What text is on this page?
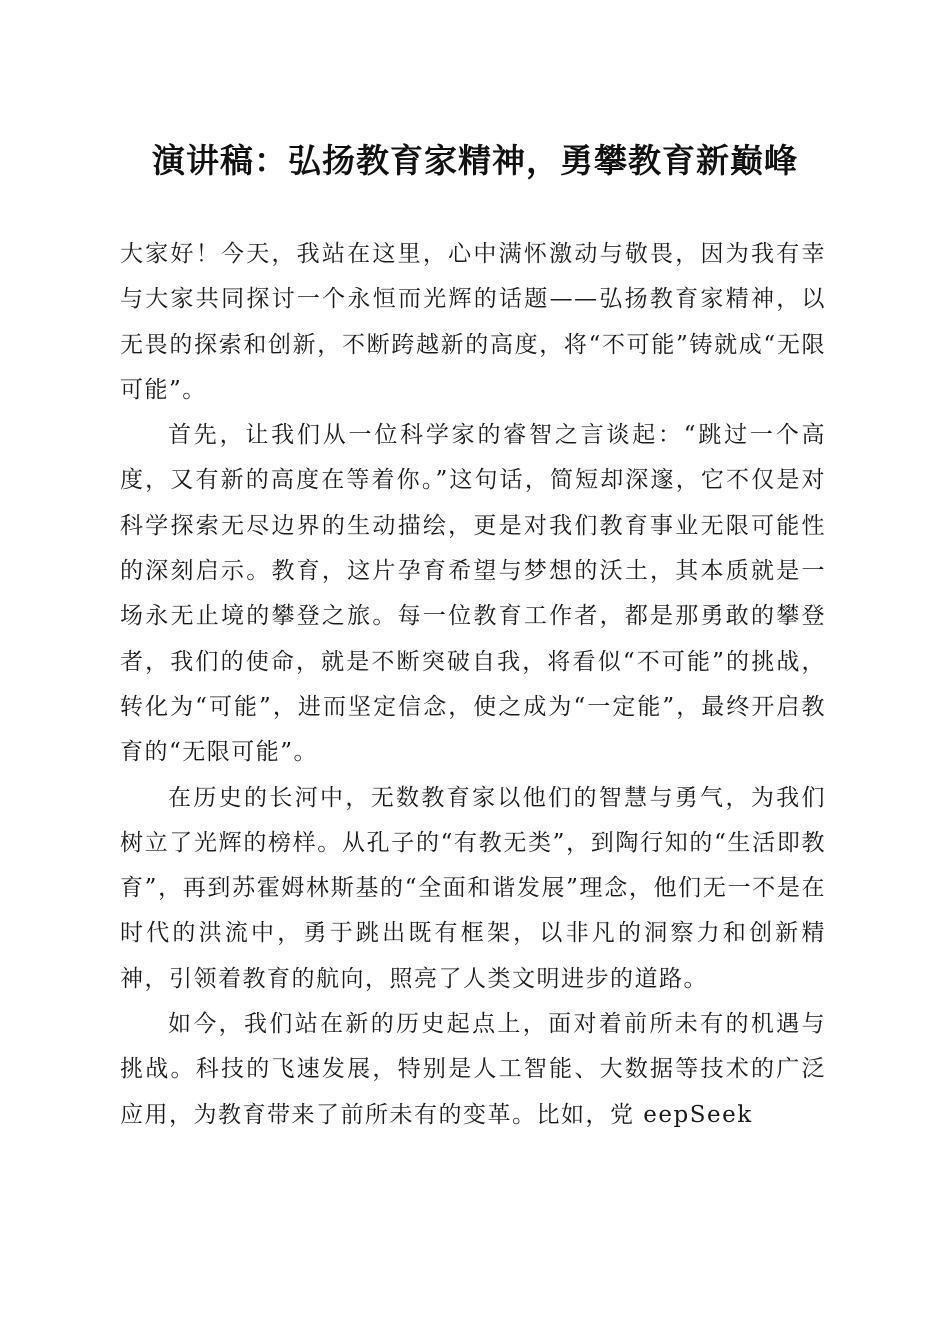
演讲稿：弘扬教育家精神，勇攀教育新巅峰

大家好！今天，我站在这里，心中满怀激动与敬畏，因为我有幸与大家共同探讨一个永恒而光辉的话题——弘扬教育家精神，以无畏的探索和创新，不断跨越新的高度，将“不可能”铸就成“无限可能”。

首先，让我们从一位科学家的睿智之言谈起：“跳过一个高度，又有新的高度在等着你。”这句话，简短却深邃，它不仅是对科学探索无尽边界的生动描绘，更是对我们教育事业无限可能性的深刻启示。教育，这片孕育希望与梦想的沃土，其本质就是一场永无止境的攀登之旅。每一位教育工作者，都是那勇敢的攀登者，我们的使命，就是不断突破自我，将看似“不可能”的挑战，转化为“可能”，进而坚定信念，使之成为“一定能”，最终开启教育的“无限可能”。

在历史的长河中，无数教育家以他们的智慧与勇气，为我们树立了光辉的榜样。从孔子的“有教无类”，到陶行知的“生活即教育”，再到苏霍姆林斯基的“全面和谐发展”理念，他们无一不是在时代的洪流中，勇于跳出既有框架，以非凡的洞察力和创新精神，引领着教育的航向，照亮了人类文明进步的道路。

如今，我们站在新的历史起点上，面对着前所未有的机遇与挑战。科技的飞速发展，特别是人工智能、大数据等技术的广泛应用，为教育带来了前所未有的变革。比如，党 eepSeek
